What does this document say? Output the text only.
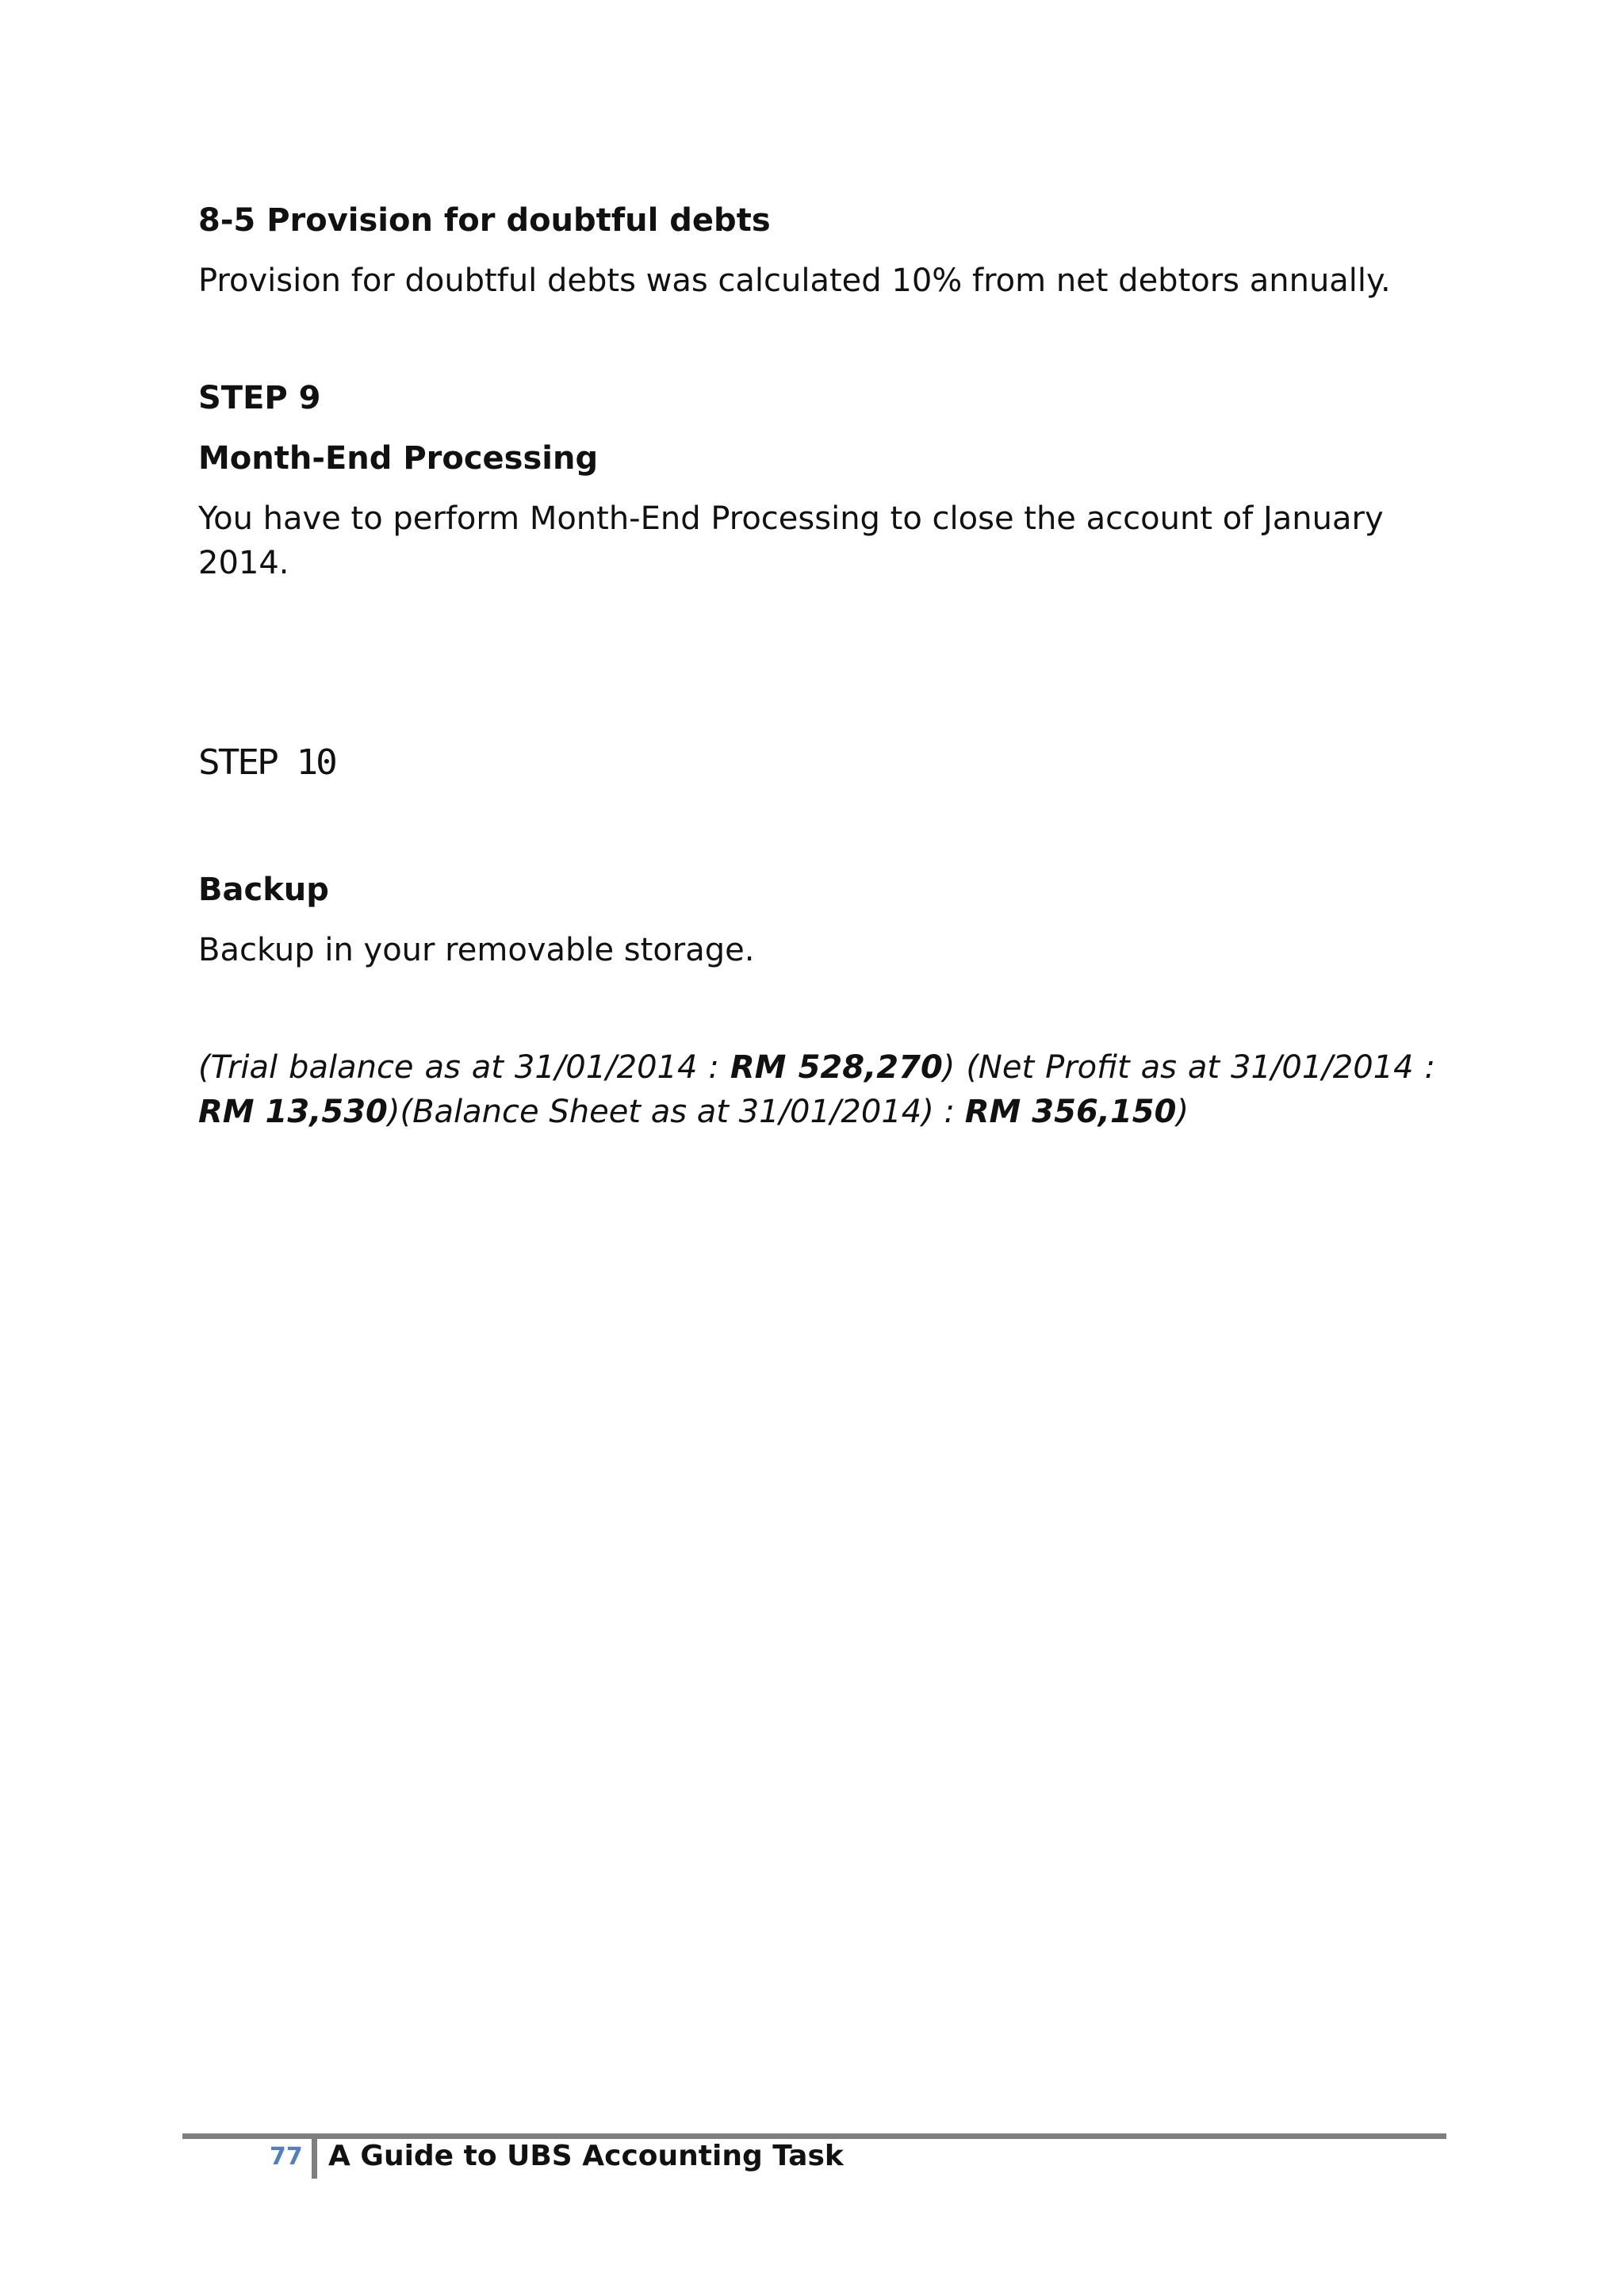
8-5 Provision for doubtful debts

Provision for doubtful debts was calculated 10% from net debtors annually.

STEP 9

Month-End Processing

You have to perform Month-End Processing to close the account of January 2014.

STEP 10

Backup

Backup in your removable storage.

(Trial balance as at 31/01/2014 : RM 528,270) (Net Profit as at 31/01/2014 : RM 13,530)(Balance Sheet as at 31/01/2014) : RM 356,150)

77 A Guide to UBS Accounting Task
